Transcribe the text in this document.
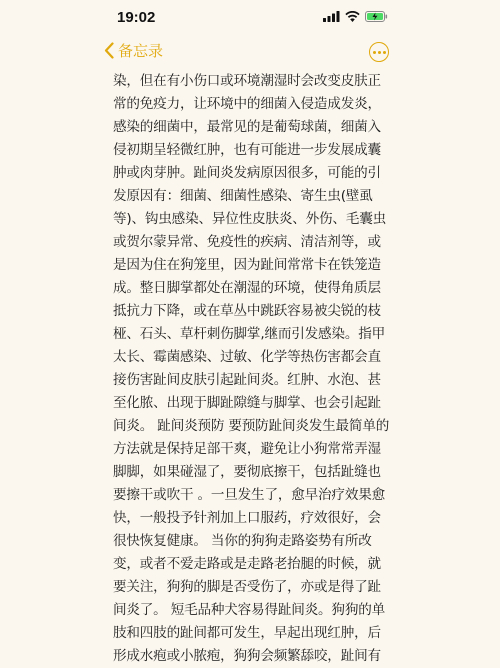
19:02
备忘录
染，但在有小伤口或环境潮湿时会改变皮肤正
常的免疫力，让环境中的细菌入侵造成发炎，
感染的细菌中，最常见的是葡萄球菌，细菌入
侵初期呈轻微红肿，也有可能进一步发展成囊
肿或肉芽肿。趾间炎发病原因很多，可能的引
发原因有：细菌、细菌性感染、寄生虫(壁虱
等)、钩虫感染、异位性皮肤炎、外伤、毛囊虫
或贺尔蒙异常、免疫性的疾病、清洁剂等，或
是因为住在狗笼里，因为趾间常常卡在铁笼造
成。整日脚掌都处在潮湿的环境，使得角质层
抵抗力下降，或在草丛中跳跃容易被尖锐的枝
桠、石头、草杆刺伤脚掌,继而引发感染。指甲
太长、霉菌感染、过敏、化学等热伤害都会直
接伤害趾间皮肤引起趾间炎。红肿、水泡、甚
至化脓、出现于脚趾隙缝与脚掌、也会引起趾
间炎。 趾间炎预防 要预防趾间炎发生最简单的
方法就是保持足部干爽，避免让小狗常常弄湿
脚脚，如果碰湿了，要彻底擦干，包括趾缝也
要擦干或吹干 。一旦发生了，愈早治疗效果愈
快，一般投予针剂加上口服药，疗效很好，会
很快恢复健康。 当你的狗狗走路姿势有所改
变，或者不爱走路或是走路老抬腿的时候，就
要关注，狗狗的脚是否受伤了，亦或是得了趾
间炎了。 短毛品种犬容易得趾间炎。狗狗的单
肢和四肢的趾间都可发生，早起出现红肿，后
形成水疱或小脓疱，狗狗会频繁舔咬，趾间有
